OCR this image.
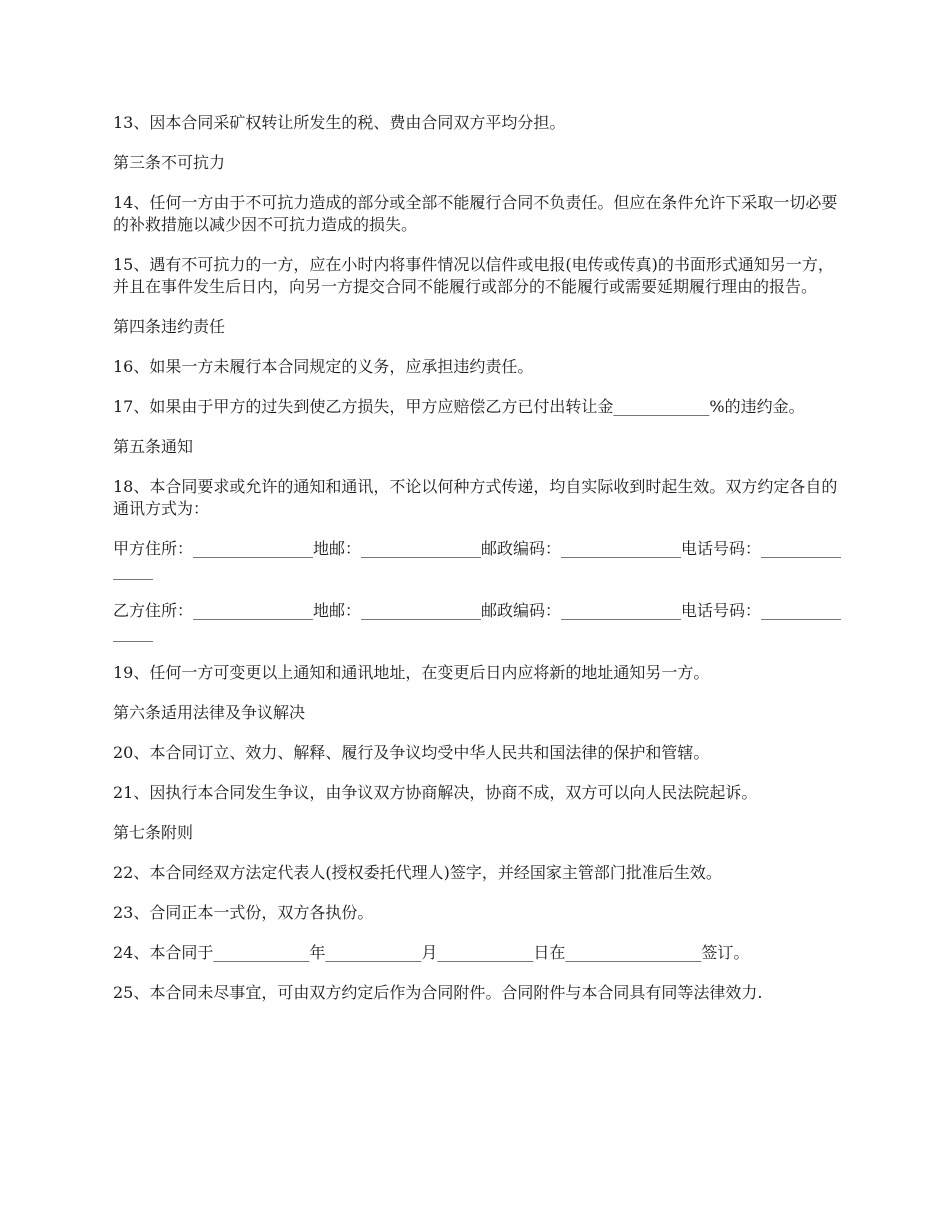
13、因本合同采矿权转让所发生的税、费由合同双方平均分担。

第三条不可抗力

14、任何一方由于不可抗力造成的部分或全部不能履行合同不负责任。但应在条件允许下采取一切必要的补救措施以减少因不可抗力造成的损失。

15、遇有不可抗力的一方，应在小时内将事件情况以信件或电报(电传或传真)的书面形式通知另一方，并且在事件发生后日内，向另一方提交合同不能履行或部分的不能履行或需要延期履行理由的报告。

第四条违约责任

16、如果一方未履行本合同规定的义务，应承担违约责任。

17、如果由于甲方的过失到使乙方损失，甲方应赔偿乙方已付出转让金____________%的违约金。

第五条通知

18、本合同要求或允许的通知和通讯，不论以何种方式传递，均自实际收到时起生效。双方约定各自的通讯方式为：

甲方住所：_______________地邮：_______________邮政编码：_______________电话号码：_______________

乙方住所：_______________地邮：_______________邮政编码：_______________电话号码：_______________

19、任何一方可变更以上通知和通讯地址，在变更后日内应将新的地址通知另一方。

第六条适用法律及争议解决

20、本合同订立、效力、解释、履行及争议均受中华人民共和国法律的保护和管辖。

21、因执行本合同发生争议，由争议双方协商解决，协商不成，双方可以向人民法院起诉。

第七条附则

22、本合同经双方法定代表人(授权委托代理人)签字，并经国家主管部门批准后生效。

23、合同正本一式份，双方各执份。

24、本合同于____________年____________月____________日在_________________签订。

25、本合同未尽事宜，可由双方约定后作为合同附件。合同附件与本合同具有同等法律效力.
